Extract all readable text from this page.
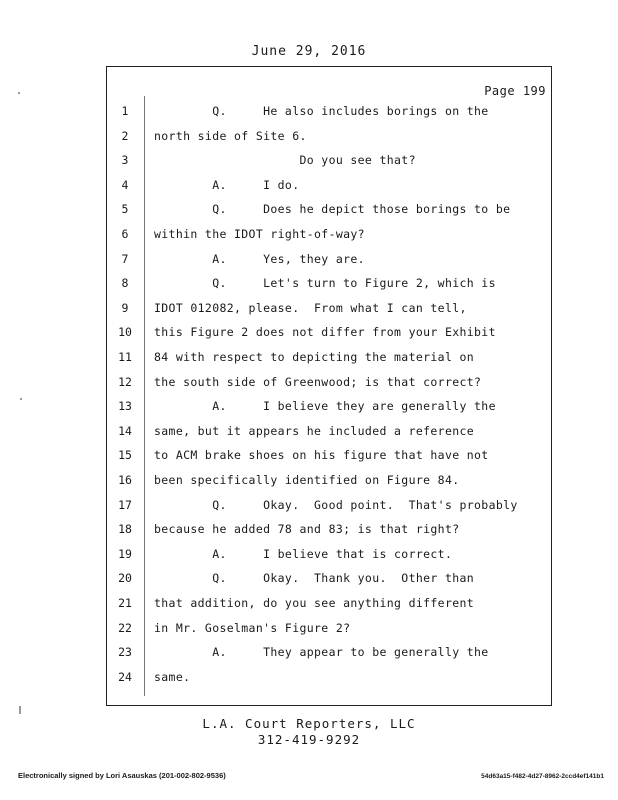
June 29, 2016
Page 199
1	Q.     He also includes borings on the
2	north side of Site 6.
3	Do you see that?
4	A.     I do.
5	Q.     Does he depict those borings to be
6	within the IDOT right-of-way?
7	A.     Yes, they are.
8	Q.     Let's turn to Figure 2, which is
9	IDOT 012082, please.  From what I can tell,
10 this Figure 2 does not differ from your Exhibit
11 84 with respect to depicting the material on
12 the south side of Greenwood; is that correct?
13 A.     I believe they are generally the
14 same, but it appears he included a reference
15 to ACM brake shoes on his figure that have not
16 been specifically identified on Figure 84.
17 Q.     Okay.  Good point.  That's probably
18 because he added 78 and 83; is that right?
19 A.     I believe that is correct.
20 Q.     Okay.  Thank you.  Other than
21 that addition, do you see anything different
22 in Mr. Goselman's Figure 2?
23 A.     They appear to be generally the
24 same.
L.A. Court Reporters, LLC
312-419-9292
Electronically signed by Lori Asauskas (201-002-802-9536)	54d63a15-f482-4d27-8962-2ccd4ef141b1
